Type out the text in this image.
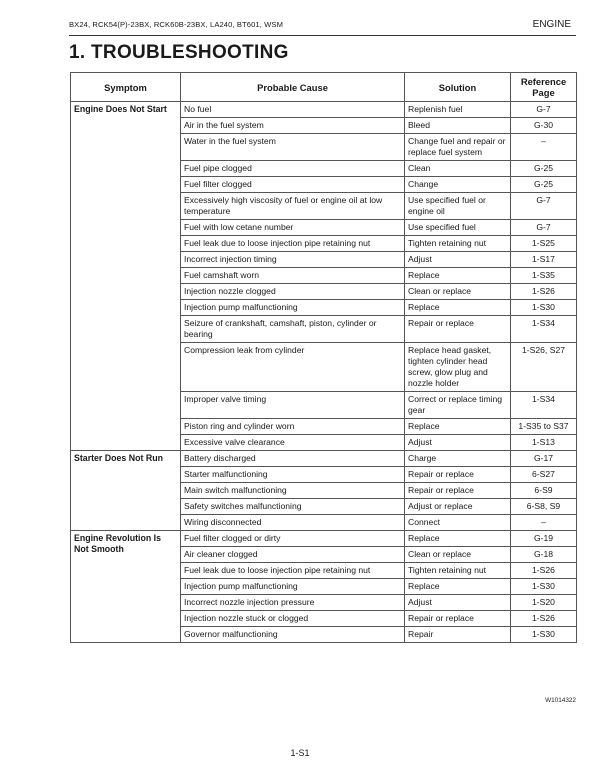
BX24, RCK54(P)-23BX, RCK60B-23BX, LA240, BT601, WSM	ENGINE
1. TROUBLESHOOTING
Symptom	Probable Cause	Solution	Reference Page
Engine Does Not Start	No fuel	Replenish fuel	G-7
	Air in the fuel system	Bleed	G-30
	Water in the fuel system	Change fuel and repair or replace fuel system	–
	Fuel pipe clogged	Clean	G-25
	Fuel filter clogged	Change	G-25
	Excessively high viscosity of fuel or engine oil at low temperature	Use specified fuel or engine oil	G-7
	Fuel with low cetane number	Use specified fuel	G-7
	Fuel leak due to loose injection pipe retaining nut	Tighten retaining nut	1-S25
	Incorrect injection timing	Adjust	1-S17
	Fuel camshaft worn	Replace	1-S35
	Injection nozzle clogged	Clean or replace	1-S26
	Injection pump malfunctioning	Replace	1-S30
	Seizure of crankshaft, camshaft, piston, cylinder or bearing	Repair or replace	1-S34
	Compression leak from cylinder	Replace head gasket, tighten cylinder head screw, glow plug and nozzle holder	1-S26, S27
	Improper valve timing	Correct or replace timing gear	1-S34
	Piston ring and cylinder worn	Replace	1-S35 to S37
	Excessive valve clearance	Adjust	1-S13
Starter Does Not Run	Battery discharged	Charge	G-17
	Starter malfunctioning	Repair or replace	6-S27
	Main switch malfunctioning	Repair or replace	6-S9
	Safety switches malfunctioning	Adjust or replace	6-S8, S9
	Wiring disconnected	Connect	–
Engine Revolution Is Not Smooth	Fuel filter clogged or dirty	Replace	G-19
	Air cleaner clogged	Clean or replace	G-18
	Fuel leak due to loose injection pipe retaining nut	Tighten retaining nut	1-S26
	Injection pump malfunctioning	Replace	1-S30
	Incorrect nozzle injection pressure	Adjust	1-S20
	Injection nozzle stuck or clogged	Repair or replace	1-S26
	Governor malfunctioning	Repair	1-S30
W1014322
1-S1
